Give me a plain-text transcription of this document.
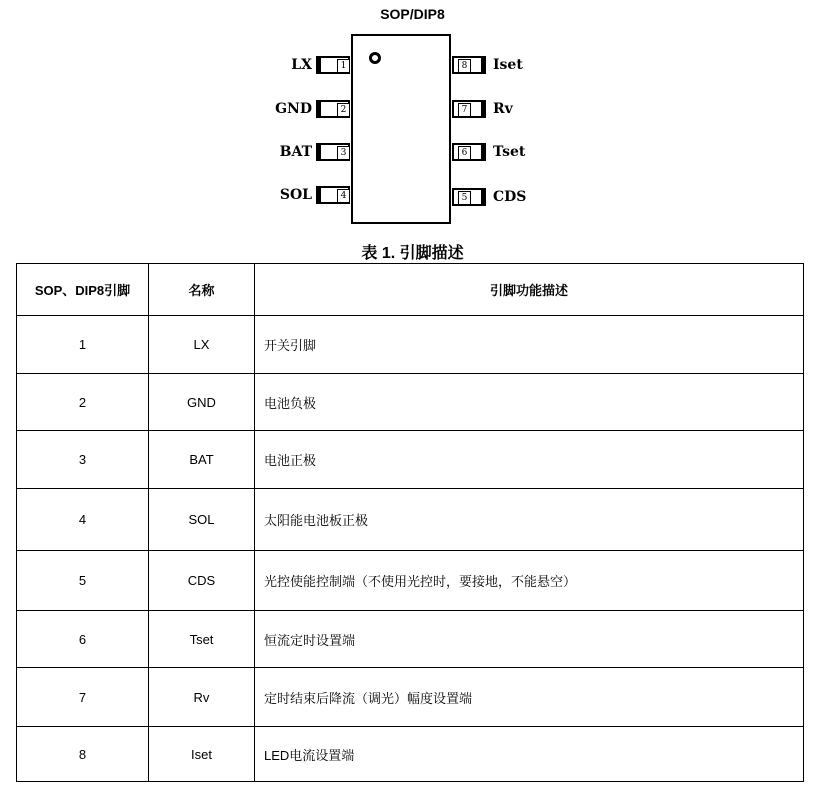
SOP/DIP8
LX	1
GND	2
BAT	3
SOL	4
8 Iset
7 Rv
6 Tset
5 CDS
表 1. 引脚描述
SOP、DIP8引脚	名称	引脚功能描述
1	LX	开关引脚
2	GND	电池负极
3	BAT	电池正极
4	SOL	太阳能电池板正极
5	CDS	光控使能控制端（不使用光控时，要接地，不能悬空）
6	Tset	恒流定时设置端
7	Rv	定时结束后降流（调光）幅度设置端
8	Iset	LED电流设置端
